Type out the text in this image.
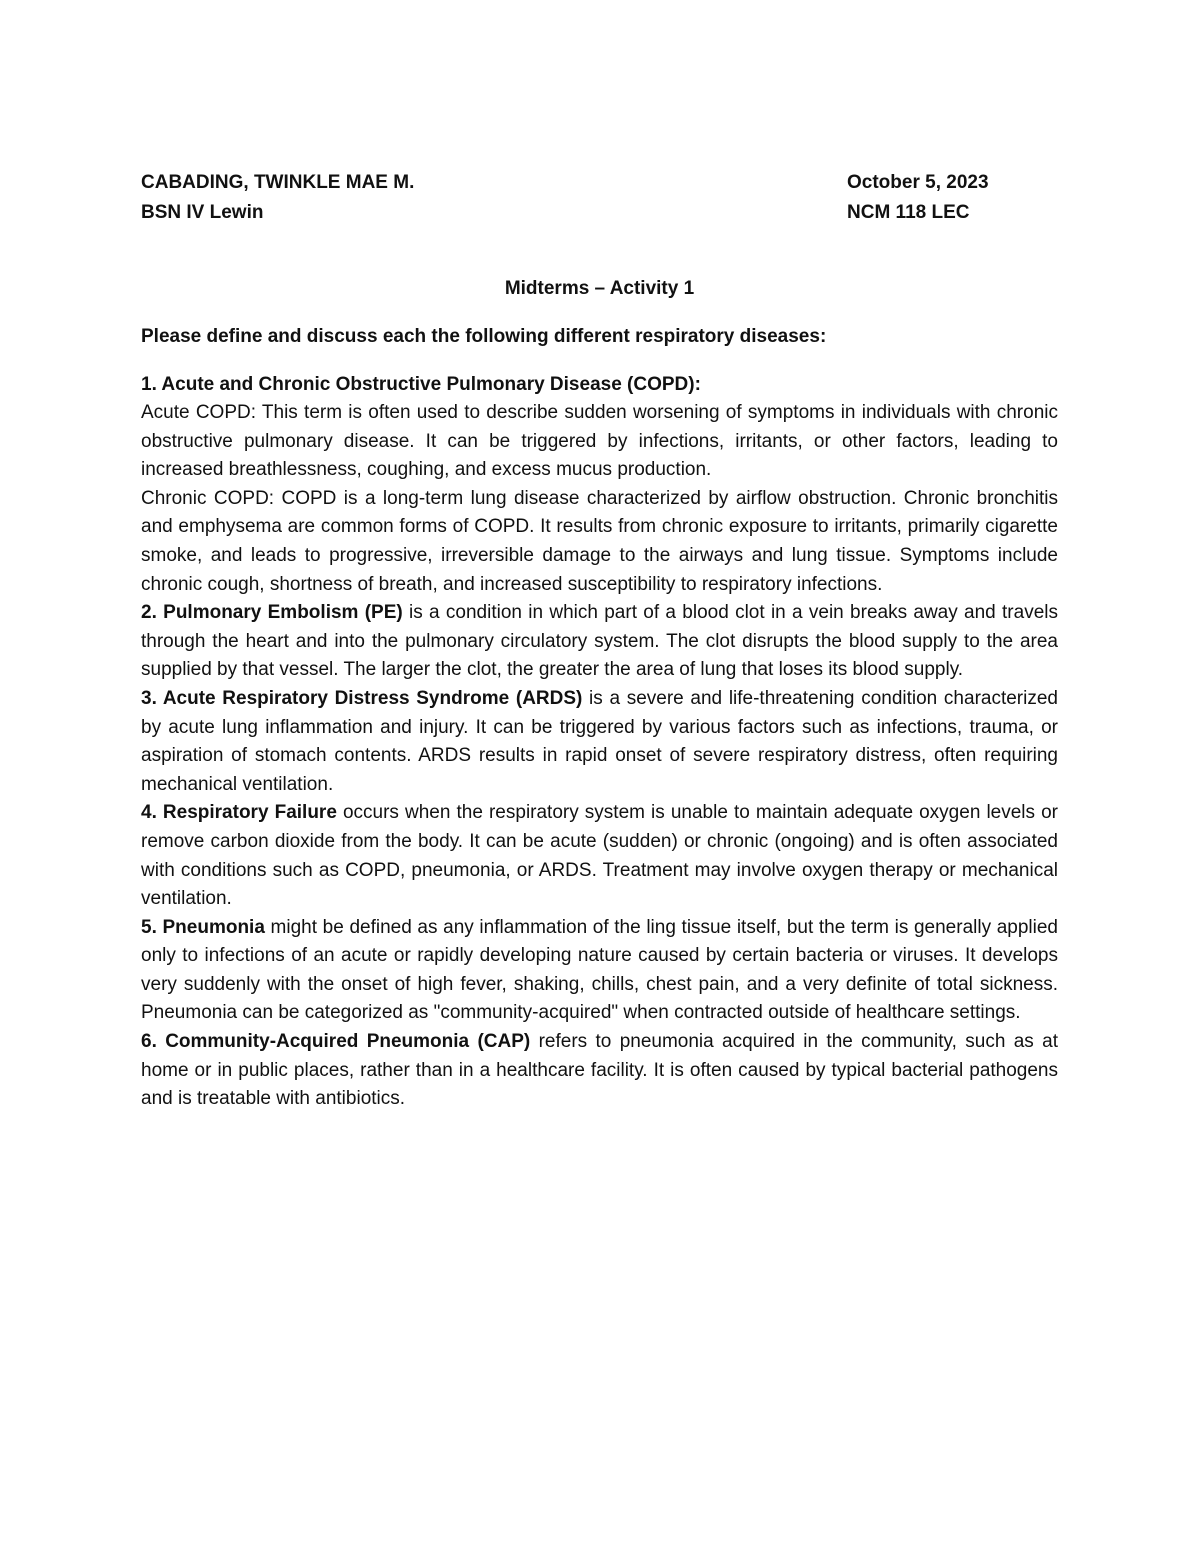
CABADING, TWINKLE MAE M.	October 5, 2023
BSN IV Lewin	NCM 118 LEC
Midterms – Activity 1
Please define and discuss each the following different respiratory diseases:
1. Acute and Chronic Obstructive Pulmonary Disease (COPD):

Acute COPD: This term is often used to describe sudden worsening of symptoms in individuals with chronic obstructive pulmonary disease. It can be triggered by infections, irritants, or other factors, leading to increased breathlessness, coughing, and excess mucus production.

Chronic COPD: COPD is a long-term lung disease characterized by airflow obstruction. Chronic bronchitis and emphysema are common forms of COPD. It results from chronic exposure to irritants, primarily cigarette smoke, and leads to progressive, irreversible damage to the airways and lung tissue. Symptoms include chronic cough, shortness of breath, and increased susceptibility to respiratory infections.

2. Pulmonary Embolism (PE) is a condition in which part of a blood clot in a vein breaks away and travels through the heart and into the pulmonary circulatory system. The clot disrupts the blood supply to the area supplied by that vessel. The larger the clot, the greater the area of lung that loses its blood supply.

3. Acute Respiratory Distress Syndrome (ARDS) is a severe and life-threatening condition characterized by acute lung inflammation and injury. It can be triggered by various factors such as infections, trauma, or aspiration of stomach contents. ARDS results in rapid onset of severe respiratory distress, often requiring mechanical ventilation.

4. Respiratory Failure occurs when the respiratory system is unable to maintain adequate oxygen levels or remove carbon dioxide from the body. It can be acute (sudden) or chronic (ongoing) and is often associated with conditions such as COPD, pneumonia, or ARDS. Treatment may involve oxygen therapy or mechanical ventilation.

5. Pneumonia might be defined as any inflammation of the ling tissue itself, but the term is generally applied only to infections of an acute or rapidly developing nature caused by certain bacteria or viruses. It develops very suddenly with the onset of high fever, shaking, chills, chest pain, and a very definite of total sickness. Pneumonia can be categorized as "community-acquired" when contracted outside of healthcare settings.

6. Community-Acquired Pneumonia (CAP) refers to pneumonia acquired in the community, such as at home or in public places, rather than in a healthcare facility. It is often caused by typical bacterial pathogens and is treatable with antibiotics.
